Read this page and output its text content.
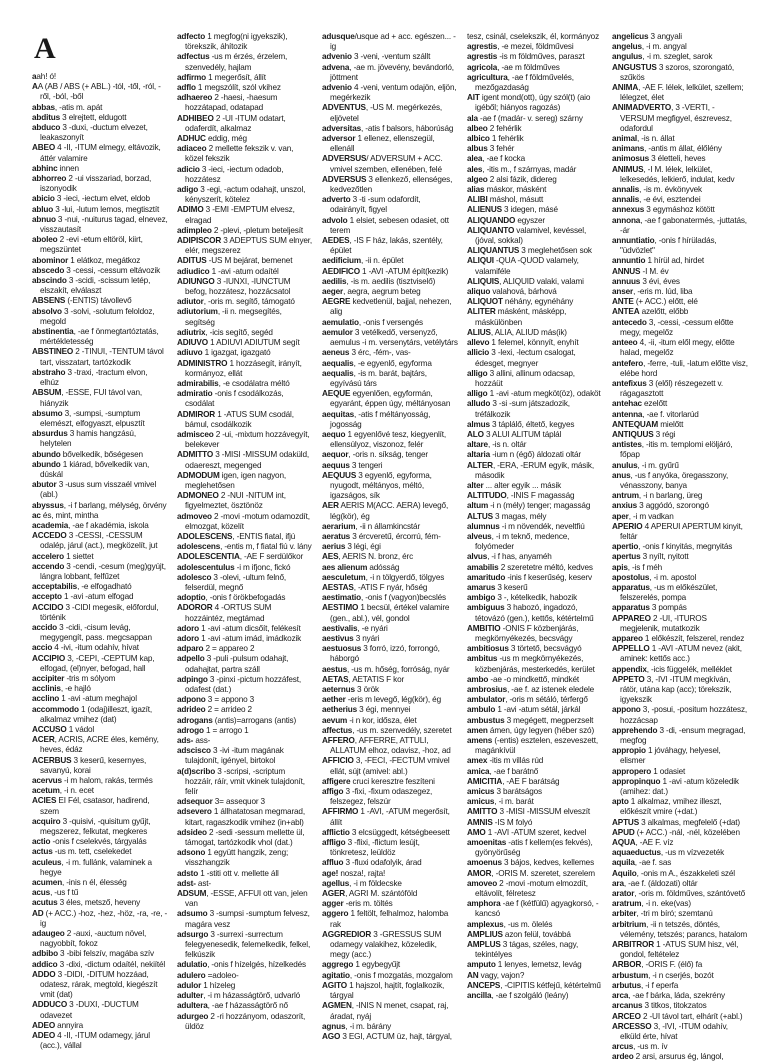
A

aah! ó!

AA (AB / ABS (+ ABL.) -tól, -től, -ról, -ről, -ból, -ből

abbas, -atis m. apát

abditus 3 elrejtett, eldugott

abduco 3 -duxi, -ductum elvezet, leakaszonyít

ABEO 4 -II, -ITUM elmegy, eltávozik, áttér valamire

abhinc innen

abhorreo 2 -ui visszariad, borzad, iszonyodik

abicio 3 -ieci, -iectum elvet, eldob

abluo 3 -lui, -lutum lemos, megtisztít

abnuo 3 -nui, -nuiturus tagad, elnevez, visszautasít

aboleo 2 -evi -etum eltöröl, kiirt, megszüntet

abominor 1 elátkoz, megátkoz

abscedo 3 -cessi, -cessum eltávozik

abscindo 3 -scidi, -scissum letép, elszakít, elválaszt

ABSENS (-ENTIS) távollevő

absolvo 3 -solvi, -solutum feloldoz, megold

abstinentia, -ae f önmegtartóztatás, mértékletesség

ABSTINEO 2 -TINUI, -TENTUM távol tart, visszatart, tartózkodik

abstraho 3 -traxi, -tractum elvon, elhúz

ABSUM, -ESSE, FUI távol van, hiányzik

absumo 3, -sumpsi, -sumptum elemészt, elfogyaszt, elpusztít

absurdus 3 hamis hangzású, helytelen

abundo bővelkedik, bőségesen

abundo 1 kiárad, bővelkedik van, dúskál

abutor 3 -usus sum visszaél vmivel (abl.)

abyssus, -i f barlang, mélység, örvény

ac és, mint, mintha

academia, -ae f akadémia, iskola

ACCEDO 3 -CESSI, -CESSUM odalép, járul (act.), megközelít, jut

accelero 1 siettet

accendo 3 -cendi, -cesum (meg)gyújt, lángra lobbant, felfűzet

acceptabilis, -e elfogadható

accepto 1 -avi -atum elfogad

ACCIDO 3 -CIDI megesik, előfordul, történik

accido 3 -cidi, -cisum levág, megygengít, pass. megcsappan

accio 4 -ivi, -itum odahív, hívat

ACCIPIO 3, -CEPI, -CEPTUM kap, elfogad, (el)nyer, befogad, hall

accipiter -tris m sólyom

acclinis, -e hajló

acclino 1 -avi -atum meghajol

accommodo 1 (odaj)illeszt, igazít, alkalmaz vmihez (dat)

ACCUSO 1 vádol

ACER, ACRIS, ACRE éles, kemény, heves, édáz

ACERBUS 3 keserű, kesernyes, savanyú, korai

acervus -i m halom, rakás, termés

acetum, -i n. ecet

ACIES EI Fél, csatasor, hadirend, szem

acquiro 3 -quisivi, -quisitum gyűjt, megszerez, felkutat, megkeres

actio -onis f cselekvés, tárgyalás

actus -us m. tett, cselekedet

aculeus, -i m. fullánk, valaminek a hegye

acumen, -inis n él, élesség

acus, -us f tű

acutus 3 éles, metsző, heveny

AD (+ ACC.) -hoz, -hez, -höz, -ra, -re, -ig

adaugeo 2 -auxi, -auctum növel, nagyobbít, fokoz

adbibo 3 -bibi felszív, magába szív

addico 3 -dixi, -dictum odaítél, nekiítél

ADDO 3 -DIDI, -DITUM hozzáad, odatesz, rárak, megtold, kiegészít vmit (dat)

ADDUCO 3 -DUXI, -DUCTUM odavezet

ADEO annyira

ADEO 4 -II, -ITUM odamegy, járul (acc.), vállal

adfecto 1 megfog(ni igyekszik), törekszik, áhítozik

adfectus -us m érzés, érzelem, szenvedély, hajlam

adfirmo 1 megerősít, állít

adflo 1 megszólít, szól vkihez

adhaereo 2 -haesi, -haesum hozzátapad, odatapad

ADHIBEO 2 -UI -ITUM odatart, odaferdít, alkalmaz

ADHUC eddig, még

adiaceo 2 mellette fekszik v. van, közel fekszik

adicio 3 -ieci, -iectum odadob, hozzátesz

adigo 3 -egi, -actum odahajt, unszol, kényszerít, kötelez

ADIMO 3 -EMI -EMPTUM elvesz, elragad

adimpleo 2 -plevi, -pletum beteljesít

ADIPISCOR 3 ADEPTUS SUM elnyer, elér, megszerez

ADITUS -US M bejárat, bemenet

adiudico 1 -avi -atum odaítél

ADIUNGO 3 -IUNXI, -IUNCTUM befog, hozzátesz, hozzácsatol

adiutor, -oris m. segítő, támogató

adiutorium, -ii n. megsegítés, segítség

adiutrix, -icis segítő, segéd

ADIUVO 1 ADIUVI ADIUTUM segít

adiuvo 1 igazgat, igazgató

ADMINISTRO 1 hozzásegít, irányít, kormányoz, ellát

admirabilis, -e csodálatra méltó

admiratio -onis f csodálkozás, csodálat

ADMIROR 1 -ATUS SUM csodál, bámul, csodálkozik

admisceo 2 -ui, -mixtum hozzávegyít, belekever

ADMITTO 3 -MISI -MISSUM odaküld, odaereszt, megenged

ADMODUM igen, igen nagyon, meglehetősen

ADMONEO 2 -NUI -NITUM int, figyelmeztet, ösztönöz

admoveo 2 -movi -motum odamozdít, elmozgat, közelít

ADOLESCENS, -ENTIS fiatal, ifjú

adolescens, -entis m, f fiatal fiú v. lány

ADOLESCENTIA, -AE F serdülőkor

adolescentulus -i m ifjonc, fickó

adolesco 3 -olevi, -ultum felnő, felserdül, megnő

adoptio, -onis f örökbefogadás

ADOROR 4 -ORTUS SUM hozzáintéz, megtámad

adoro 1 -avi -atum dicsőít, felékesít

adoro 1 -avi -atum imád, imádkozik

adparo 2 = appareo 2

adpello 3 -puli -pulsum odahajt, odahajtat, partra száll

adpingo 3 -pinxi -pictum hozzáfest, odafest (dat.)

adpono 3 = appono 3

adrideo 2 = arrideo 2

adrogans (antis)=arrogans (antis)

adrogo 1 = arrogo 1

ads- ass-

adscisco 3 -ivi -itum magának tulajdonít, igényel, birtokol

a(d)scribo 3 -scripsi, -scriptum hozzáír, ráír, vmit vkinek tulajdonít, felír

adsequor 3= assequor 3

adsevero 1 állhatatosan megmarad, kitart, ragaszkodik vmihez (in+abl)

adsideo 2 -sedi -sessum mellette ül, támogat, tartózkodik vhol (dat.)

adsono 1 együtt hangzik, zeng; visszhangzik

adsto 1 -stiti ott v. mellette áll

adst- ast-

ADSUM, -ESSE, AFFUI ott van, jelen van

adsumo 3 -sumpsi -sumptum felvesz, magára vesz

adsurgo 3 -surrexi -surrectum felegyenesedik, felemelkedik, felkel, felkúszik

adulatio, -onis f hízelgés, hízelkedés

adulero =adoleo-

adulor 1 hízeleg

adulter, -i m házasságtörő, udvarló

adultera, -ae f házasságtörő nő

adurgeo 2 -ri hozzányom, odaszorít, üldöz

adusque/usque ad + acc. egészen... -ig

advenio 3 -veni, -ventum szállt

advena, -ae m. jövevény, bevándorló, jöttment

advenio 4 -veni, ventum odajön, eljön, megérkezik

ADVENTUS, -US M. megérkezés, eljövetel

adversitas, -atis f balsors, háborúság

adversor 1 ellenez, ellenszegül, ellenáll

ADVERSUS/ ADVERSUM + ACC. vmivel szemben, ellenében, felé

ADVERSUS 3 ellenkező, ellenséges, kedvezőtlen

adverto 3 -ti -sum odafordít, odairányít, figyel

advolo 1 elsiet, sebesen odasiet, ott terem

AEDES, -IS F ház, lakás, szentély, épület

aedificium, -ii n. épület

AEDIFICO 1 -AVI -ATUM épít(kezik)

aedilis, -is m. aedilis (tisztviselő)

aeger, aegra, aegrum beteg

AEGRE kedvetlenül, bajjal, nehezen, alig

aemulatio, -onis f versengés

aemulor 3 vetélkedő, versenyző, aemulus -i m. versenytárs, vetélytárs

aeneus 3 érc, -fém-, vas-

aequalis, -e egyenlő, egyforma

aequalis, -is m. barát, bajtárs, egyívású társ

AEQUE egyenlően, egyformán, egyaránt, éppen úgy, méltányosan

aequitas, -atis f méltányosság, jogosság

aequo 1 egyenlővé tesz, kiegyenlít, ellensúlyoz, viszonoz, felér

aequor, -oris n. síkság, tenger

aequus 3 tengeri

AEQUUS 3 egyenlő, egyforma, nyugodt, méltányos, méltó, igazságos, sík

AER AERIS M(ACC. AERA) levegő, lég(kör), ég

aerarium, -ii n államkincstár

aeratus 3 ércveretű, ércorrú, fém-

aerius 3 légi, égi

AES, AERIS N. bronz, érc

aes alienum adósság

aesculetum, -i n tölgyerdő, tölgyes

AESTAS, -ATIS F nyár, hőség

aestimatio, -onis f (vagyon)becslés

AESTIMO 1 becsül, értékel valamire (gen., abl.), vél, gondol

aestivalis, -e nyári

aestivus 3 nyári

aestuosus 3 forró, izzó, forrongó, háborgó

aestus, -us m. hőség, forróság, nyár

AETAS, AETATIS F kor

aeternus 3 örök

aether -eris m levegő, lég(kör), ég

aetherius 3 égi, mennyei

aevum -i n kor, idősza, élet

affectus, -us m. szenvedély, szeretet

AFFERO, AFFERRE, ATTULI, ALLATUM elhoz, odavisz, -hoz, ad

AFFICIO 3, -FECI, -FECTUM vmivel ellát, sújt (amivel: abl.)

affigere cruci keresztre feszíteni

affigo 3 -fixi, -fixum odaszegez, felszegez, felszúr

AFFIRMO 1 -AVI, -ATUM megerősít, állít

afflictio 3 elcsüggedt, kétségbeesett

affligo 3 -flixi, -flictum lesújt, tönkretesz, leüldöz

affluo 3 -fluxi odafolyik, árad

age! nosza!, rajta!

agellus, -i m földecske

AGER, AGRI M. szántóföld

agger -eris m. töltés

aggero 1 feltölt, felhalmoz, halomba rak

AGGREDIOR 3 -GRESSUS SUM odamegy valakihez, közeledik, megy (acc.)

aggrego 1 egybegyűjt

agitatio, -onis f mozgatás, mozgalom

AGITO 1 hajszol, hajtít, foglalkozik, tárgyal

AGMEN, -INIS N menet, csapat, raj, áradat, nyáj

agnus, -i m. bárány

AGO 3 EGI, ACTUM üz, hajt, tárgyal,

tesz, csinál, cselekszik, él, kormányoz

agrestis, -e mezei, földművesi

agrestis -is m földműves, paraszt

agricola, -ae m földműves

agricultura, -ae f földművelés, mezőgazdaság

AIT igent mond(ott), úgy szól(t) (aio igéből; hiányos ragozás)

ala -ae f (madár- v. sereg) szárny

albeo 2 fehérlik

albico 1 fehérlik

albus 3 fehér

alea, -ae f kocka

ales, -itis m., f szárnyas, madár

algeo 2 alsi fázik, didereg

alias máskor, másként

ALIBI máshol, másutt

ALIENUS 3 idegen, másé

ALIQUANDO egyszer

ALIQUANTO valamivel, kevéssel, (jóval, sokkal)

ALIQUANTUS 3 meglehetősen sok

ALIQUI -QUA -QUOD valamely, valamiféle

ALIQUIS, ALIQUID valaki, valami

aliquo valahová, bárhová

ALIQUOT néhány, egynéhány

ALITER másként, másképp, máskülönben

ALIUS, ALIA, ALIUD más(ik)

allevo 1 felemel, könnyít, enyhít

allicio 3 -lexi, -lectum csalogat, édesget, megnyer

alligo 3 allini, allinum odacsap, hozzáüt

alligo 1 -avi -atum megköt(öz), odaköt

alludo 3 -si -sum játszadozik, tréfálkozik

almus 3 táplálő, éltető, kegyes

ALO 3 ALUI ALITUM táplál

altare, -is n. oltár

altaria -ium n (égő) áldozati oltár

ALTER, -ERA, -ERUM egyik, másik, második

alter ... alter egyik ... másik

ALTITUDO, -INIS F magasság

altum -i n (mély) tenger; magasság

ALTUS 3 magas, mély

alumnus -i m növendék, neveltfiú

alveus, -i m teknő, medence, folyómeder

alvus, -i f has, anyaméh

amabilis 2 szeretetre méltó, kedves

amaritudo -inis f keserűség, keserv

amarus 3 keserű

ambigo 3 -, kételkedik, habozik

ambiguus 3 habozó, ingadozó, tétovázó (gen.), kettős, kétértelmű

AMBITIO -ONIS F közbenjárás, megkörnyékezés, becsvágy

ambitiosus 3 törtető, becsvágyó

ambitus -us m megkörnyékezés, közbenjárás, mesterkedés, kerület

ambo -ae -o mindkettő, mindkét

ambrosius, -ae f. az istenek eledele

ambulator, -oris m sétáló, térfergő

ambulo 1 -avi -atum sétál, járkál

ambustus 3 megégett, megperzselt

amen ámen, úgy legyen (héber szó)

amens (-entis) esztelen, eszeveszett, magánkívül

amex -itis m villás rúd

amica, -ae f barátnő

AMICITIA, -AE F barátság

amicus 3 barátságos

amicus, -i m. barát

AMITTO 3 -MISI -MISSUM elveszít

AMNIS -IS M folyó

AMO 1 -AVI -ATUM szeret, kedvel

amoenitas -atis f kellem(es fekvés), gyönyörűség

amoenus 3 bájos, kedves, kellemes

AMOR, -ORIS M. szeretet, szerelem

amoveo 2 -movi -motum elmozdít, eltávolít, félretesz

amphora -ae f (kétfülű) agyagkorsó, -kancsó

amplexus, -us m. ölelés

AMPLIUS azon felül, továbbá

AMPLUS 3 tágas, széles, nagy, tekintélyes

amputo 1 lenyes, lemetsz, levág

AN vagy, vajon?

ANCEPS, -CIPITIS kétfejű, kétértelmű

ancilla, -ae f szolgáló (leány)

angelicus 3 angyali

angelus, -i m. angyal

angulus, -i m. szeglet, sarok

ANGUSTUS 3 szoros, szorongató, szűkös

ANIMA, -AE F. lélek, lelkület, szellem; lélegzet, élet

ANIMADVERTO, 3 -VERTI, -VERSUM megfigyel, észrevesz, odafordul

animal, -is n. állat

animans, -antis m állat, élőlény

animosus 3 életteli, heves

ANIMUS, -I M. lélek, lelkület, lelkesedés, lelkierő, indulat, kedv

annalis, -is m. évkönyvek

annalis, -e évi, esztendei

annexus 3 egymáshoz kötött

annona, -ae f gabonatermés, -juttatás, -ár

annuntiatio, -onis f hírüladás, "üdvözlet"

annuntio 1 hírül ad, hirdet

ANNUS -I M. év

annuus 3 évi, éves

anser, -eris m. lúd, liba

ANTE (+ ACC.) előtt, elé

ANTEA azelőtt, előbb

antecedo 3, -cessi, -cessum előtte megy, megelőz

anteeo 4, -ii, -itum elől megy, előtte halad, megelőz

antefero, -ferre, -tuli, -latum előtte visz, elébe hord

antefixus 3 (elől) részegezett v. rágagasztott

antehac ezelőtt

antenna, -ae f. vitorlarúd

ANTEQUAM mielőtt

ANTIQUUS 3 régi

antistes, -itis m. templomi elöljáró, főpap

anulus, -i m. gyűrű

anus, -us f anyóka, öregasszony, vénasszony, banya

antrum, -i n barlang, üreg

anxius 3 aggódó, szorongó

aper, -i m vadkan

APERIO 4 APERUI APERTUM kinyit, feltár

apertio, -onis f kinyitás, megnyitás

apertus 3 nyílt, nyitott

apis, -is f méh

apostolus, -i m. apostol

apparatus, -us m előkészület, felszerelés, pompa

apparatus 3 pompás

APPAREO 2 -UI, -ITUROS megjelenik, mutatkozik

appareo 1 előkészít, felszerel, rendez

APPELLO 1 -AVI -ATUM nevez (akit, aminek: kettős acc.)

appendix, -icis függelék, melléklet

APPETO 3, -IVI -ITUM megkíván, rátör, utána kap (acc); törekszik, igyekszik

appono 3, -posui, -positum hozzátesz, hozzácsap

apprehendo 3 -di, -ensum megragad, megfog

appropio 1 jóváhagy, helyesel, elismer

appropero 1 odasiet

appropinquo 1 -avi -atum közeledik (amihez: dat.)

apto 1 alkalmaz, vmihez illeszt, előkészít vmire (+dat.)

APTUS 3 alkalmas, megfelelő (+dat)

APUD (+ ACC.) -nál, -nél, közelében

AQUA, -AE F. víz

aquaeductus, -us m vízvezeték

aquila, -ae f. sas

Aquilo, -onis m A., északkeleti szél

ara, -ae f. (áldozati) oltár

arator, -oris m. földműves, szántóvető

aratrum, -i n. eke(vas)

arbiter, -tri m bíró; szemtanú

arbitrium, -ii n tetszés, döntés, vélemény, tetszés; parancs, hatalom

ARBITROR 1 -ATUS SUM hisz, vél, gondol, feltételez

ARBOR, -ORIS F. (élő) fa

arbustum, -i n cserjés, bozót

arbutus, -i f eperfa

arca, -ae f bárka, láda, szekrény

arcanus 3 titkos, titokzatos

ARCEO 2 -UI távol tart, elhárít (+abl.)

ARCESSO 3, -IVI, -ITUM odahív, elküld érte, hívat

arcus, -us m. ív

ardeo 2 arsi, arsurus ég, lángol,
